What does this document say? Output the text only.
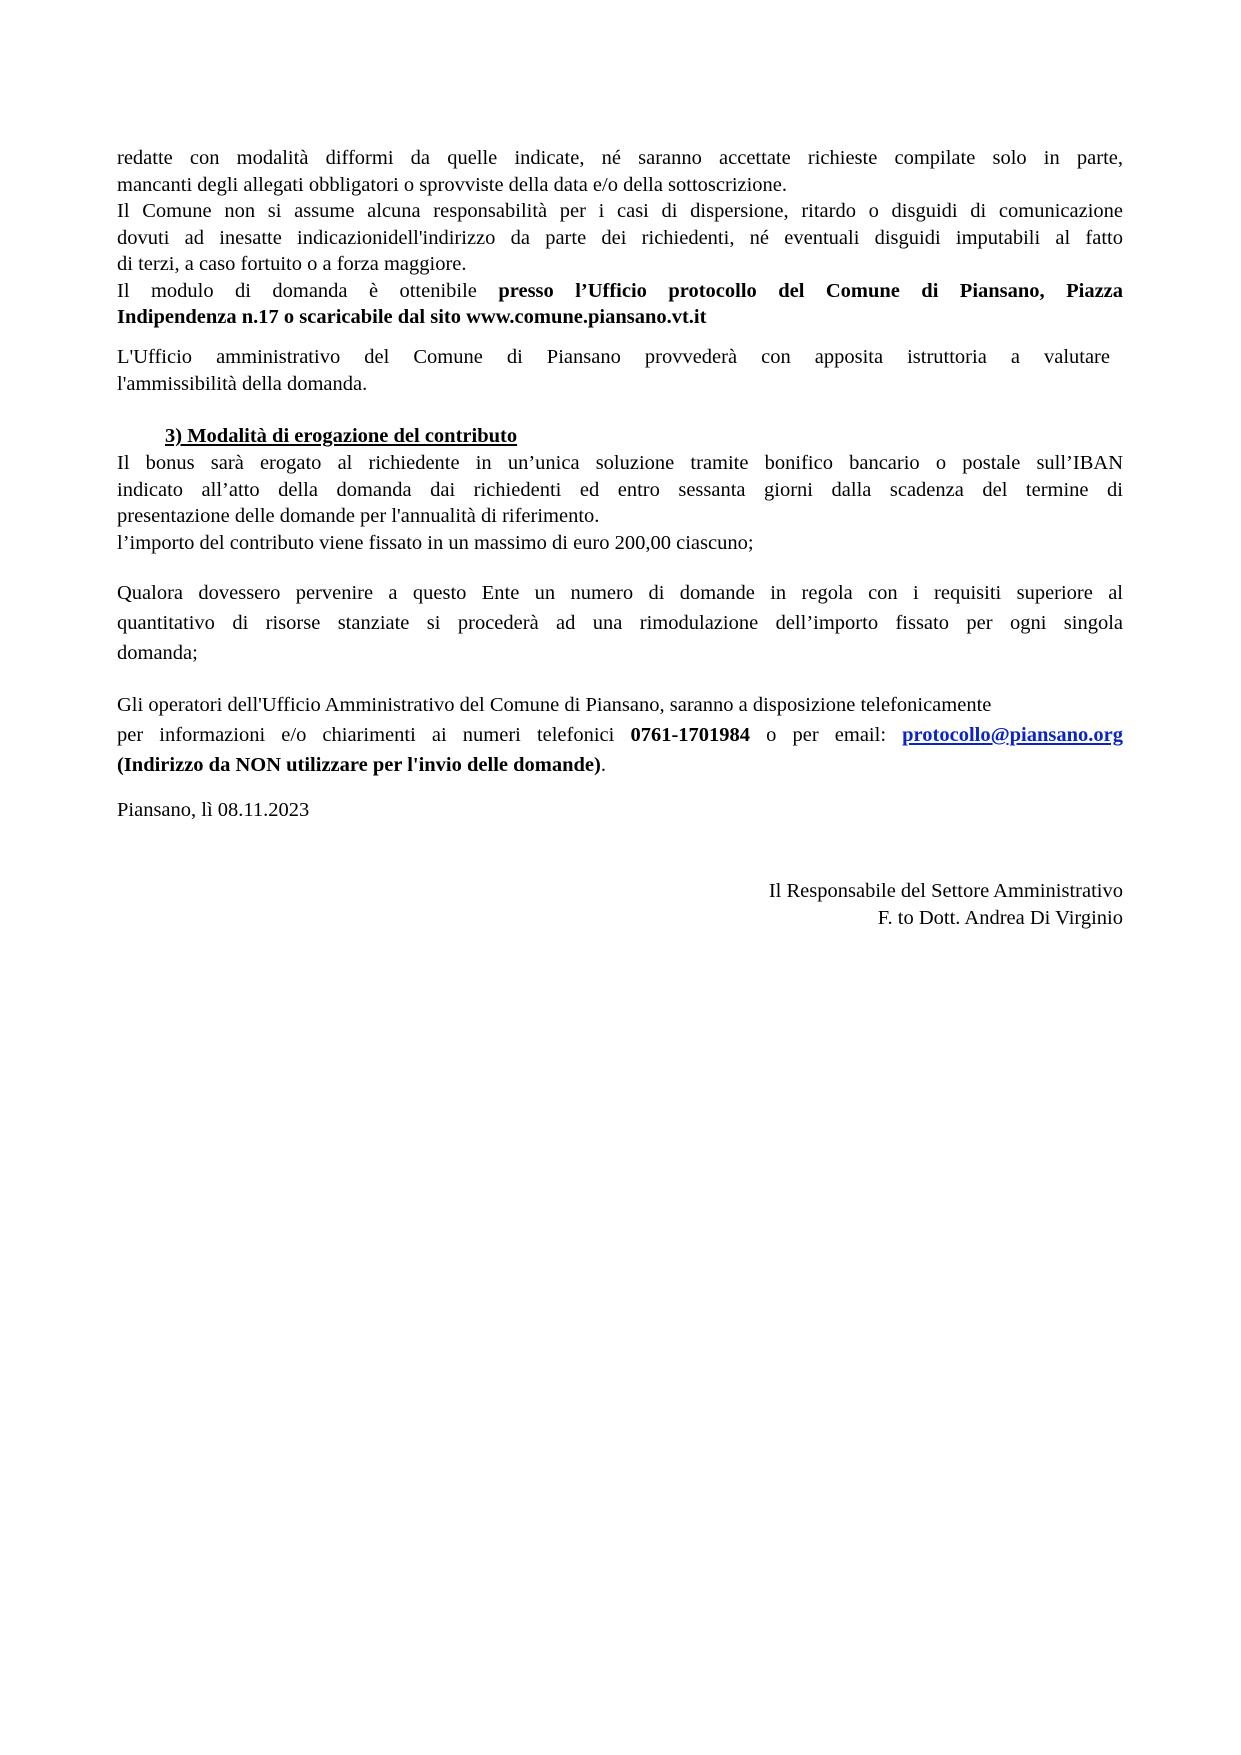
redatte con modalità difformi da quelle indicate, né saranno accettate richieste compilate solo in parte,
mancanti degli allegati obbligatori o sprovviste della data e/o della sottoscrizione.
Il Comune non si assume alcuna responsabilità per i casi di dispersione, ritardo o disguidi di comunicazione
dovuti ad inesatte indicazionidell'indirizzo da parte dei richiedenti, né eventuali disguidi imputabili al fatto
di terzi, a caso fortuito o a forza maggiore.
Il modulo di domanda è ottenibile presso l’Ufficio protocollo del Comune di Piansano, Piazza
Indipendenza n.17 o scaricabile dal sito www.comune.piansano.vt.it
L'Ufficio amministrativo del Comune di Piansano provvederà con apposita istruttoria a valutare
l'ammissibilità della domanda.
3) Modalità di erogazione del contributo
Il bonus sarà erogato al richiedente in un’unica soluzione tramite bonifico bancario o postale sull’IBAN
indicato all’atto della domanda dai richiedenti ed entro sessanta giorni dalla scadenza del termine di
presentazione delle domande per l'annualità di riferimento.
l’importo del contributo viene fissato in un massimo di euro 200,00 ciascuno;
Qualora dovessero pervenire a questo Ente un numero di domande in regola con i requisiti superiore al
quantitativo di risorse stanziate si procederà ad una rimodulazione dell’importo fissato per ogni singola
domanda;
Gli operatori dell'Ufficio Amministrativo del Comune di Piansano, saranno a disposizione telefonicamente
per informazioni e/o chiarimenti ai numeri telefonici 0761-1701984 o per email: protocollo@piansano.org
(Indirizzo da NON utilizzare per l'invio delle domande).
Piansano, lì 08.11.2023
Il Responsabile del Settore Amministrativo
F. to Dott. Andrea Di Virginio
